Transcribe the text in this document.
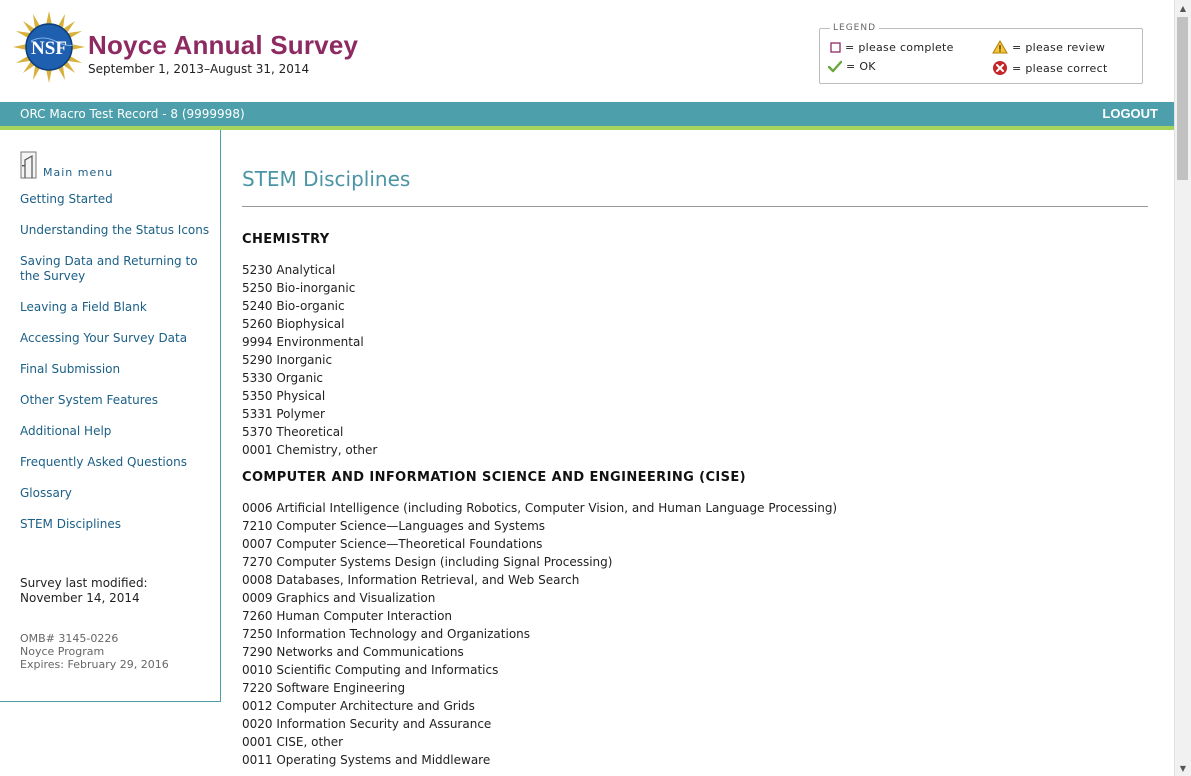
NSF Noyce Annual Survey
September 1, 2013–August 31, 2014
LEGEND
= please complete	= please review
= OK	= please correct
ORC Macro Test Record - 8 (9999998)	LOGOUT
Main menu
Getting Started
Understanding the Status Icons
Saving Data and Returning to the Survey
Leaving a Field Blank
Accessing Your Survey Data
Final Submission
Other System Features
Additional Help
Frequently Asked Questions
Glossary
STEM Disciplines
Survey last modified:
November 14, 2014
OMB# 3145-0226
Noyce Program
Expires: February 29, 2016
STEM Disciplines
CHEMISTRY
5230 Analytical
5250 Bio-inorganic
5240 Bio-organic
5260 Biophysical
9994 Environmental
5290 Inorganic
5330 Organic
5350 Physical
5331 Polymer
5370 Theoretical
0001 Chemistry, other
COMPUTER AND INFORMATION SCIENCE AND ENGINEERING (CISE)
0006 Artificial Intelligence (including Robotics, Computer Vision, and Human Language Processing)
7210 Computer Science—Languages and Systems
0007 Computer Science—Theoretical Foundations
7270 Computer Systems Design (including Signal Processing)
0008 Databases, Information Retrieval, and Web Search
0009 Graphics and Visualization
7260 Human Computer Interaction
7250 Information Technology and Organizations
7290 Networks and Communications
0010 Scientific Computing and Informatics
7220 Software Engineering
0012 Computer Architecture and Grids
0020 Information Security and Assurance
0001 CISE, other
0011 Operating Systems and Middleware
▲
▼
